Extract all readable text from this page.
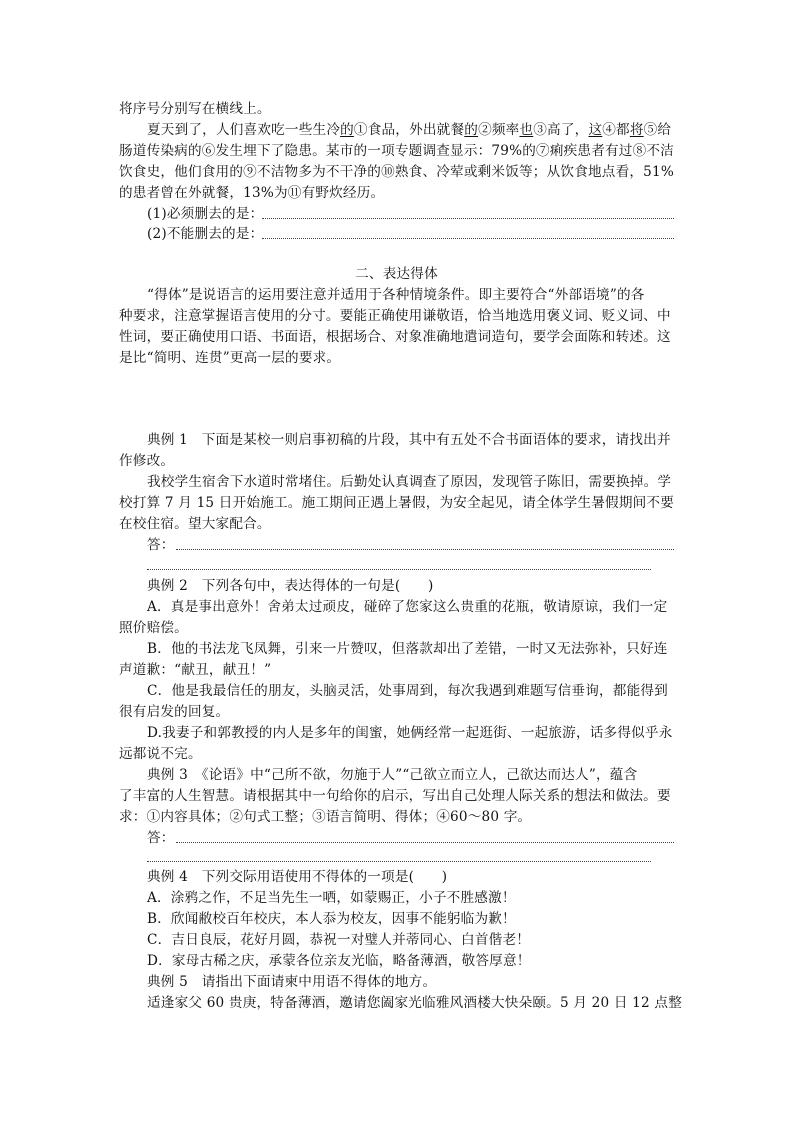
将序号分别写在横线上。
夏天到了，人们喜欢吃一些生冷的①食品，外出就餐的②频率也③高了，这④都将⑤给
肠道传染病的⑥发生埋下了隐患。某市的一项专题调查显示：79%的⑦痢疾患者有过⑧不洁
饮食史，他们食用的⑨不洁物多为不干净的⑩熟食、冷荤或剩米饭等；从饮食地点看，51%
的患者曾在外就餐，13%为⑪有野炊经历。
(1)必须删去的是：
(2)不能删去的是：
二、表达得体
“得体”是说语言的运用要注意并适用于各种情境条件。即主要符合“外部语境”的各
种要求，注意掌握语言使用的分寸。要能正确使用谦敬语，恰当地选用褒义词、贬义词、中
性词，要正确使用口语、书面语，根据场合、对象准确地遣词造句，要学会面陈和转述。这
是比“简明、连贯”更高一层的要求。
典例 1　下面是某校一则启事初稿的片段，其中有五处不合书面语体的要求，请找出并
作修改。
我校学生宿舍下水道时常堵住。后勤处认真调查了原因，发现管子陈旧，需要换掉。学
校打算 7 月 15 日开始施工。施工期间正遇上暑假，为安全起见，请全体学生暑假期间不要
在校住宿。望大家配合。
答：
典例 2　下列各句中，表达得体的一句是(　　)
A．真是事出意外！舍弟太过顽皮，碰碎了您家这么贵重的花瓶，敬请原谅，我们一定
照价赔偿。
B．他的书法龙飞凤舞，引来一片赞叹，但落款却出了差错，一时又无法弥补，只好连
声道歉：“献丑，献丑！”
C．他是我最信任的朋友，头脑灵活，处事周到，每次我遇到难题写信垂询，都能得到
很有启发的回复。
D.我妻子和郭教授的内人是多年的闺蜜，她俩经常一起逛街、一起旅游，话多得似乎永
远都说不完。
典例 3　《论语》中“己所不欲，勿施于人”“己欲立而立人，己欲达而达人”，蕴含
了丰富的人生智慧。请根据其中一句给你的启示，写出自己处理人际关系的想法和做法。要
求：①内容具体；②句式工整；③语言简明、得体；④60～80 字。
答：
典例 4　下列交际用语使用不得体的一项是(　　)
A．涂鸦之作，不足当先生一哂，如蒙赐正，小子不胜感激！
B．欣闻敝校百年校庆，本人忝为校友，因事不能躬临为歉！
C．吉日良辰，花好月圆，恭祝一对璧人并蒂同心、白首偕老！
D．家母古稀之庆，承蒙各位亲友光临，略备薄酒，敬答厚意！
典例 5　请指出下面请柬中用语不得体的地方。
适逢家父 60 贵庚，特备薄酒，邀请您阖家光临雅风酒楼大快朵颐。5 月 20 日 12 点整
